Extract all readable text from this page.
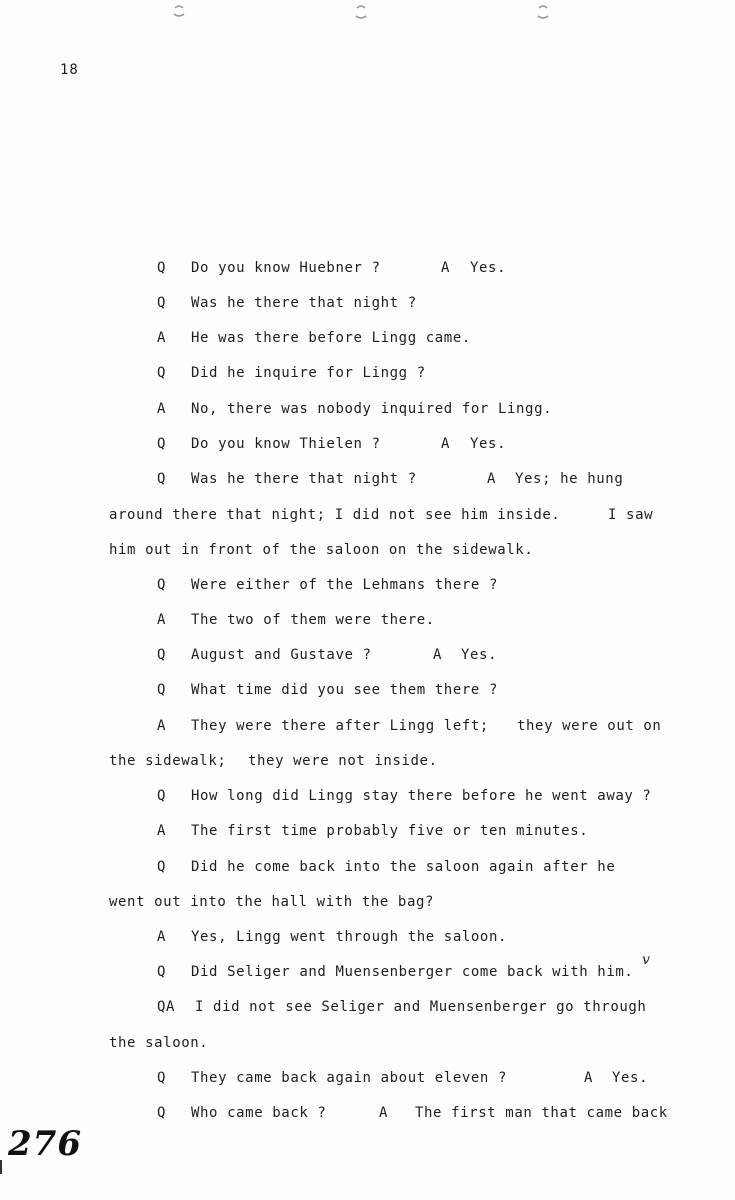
18
Q Do you know Huebner ?	A Yes.
Q Was he there that night ?
A He was there before Lingg came.
Q Did he inquire for Lingg ?
A No, there was nobody inquired for Lingg.
Q Do you know Thielen ?	A Yes.
Q Was he there that night ?	A Yes; he hung
around there that night; I did not see him inside.	I saw
him out in front of the saloon on the sidewalk.
Q Were either of the Lehmans there ?
A The two of them were there.
Q August and Gustave ?	A Yes.
Q What time did you see them there ?
A They were there after Lingg left; they were out on
the sidewalk; they were not inside.
Q How long did Lingg stay there before he went away ?
A The first time probably five or ten minutes.
Q Did he come back into the saloon again after he
went out into the hall with the bag?
A Yes, Lingg went through the saloon.
Q Did Seliger and Muensenberger come back with him.
QA I did not see Seliger and Muensenberger go through
the saloon.
Q They came back again about eleven ?	A Yes.
Q Who came back ?	A The first man that came back
v
276
